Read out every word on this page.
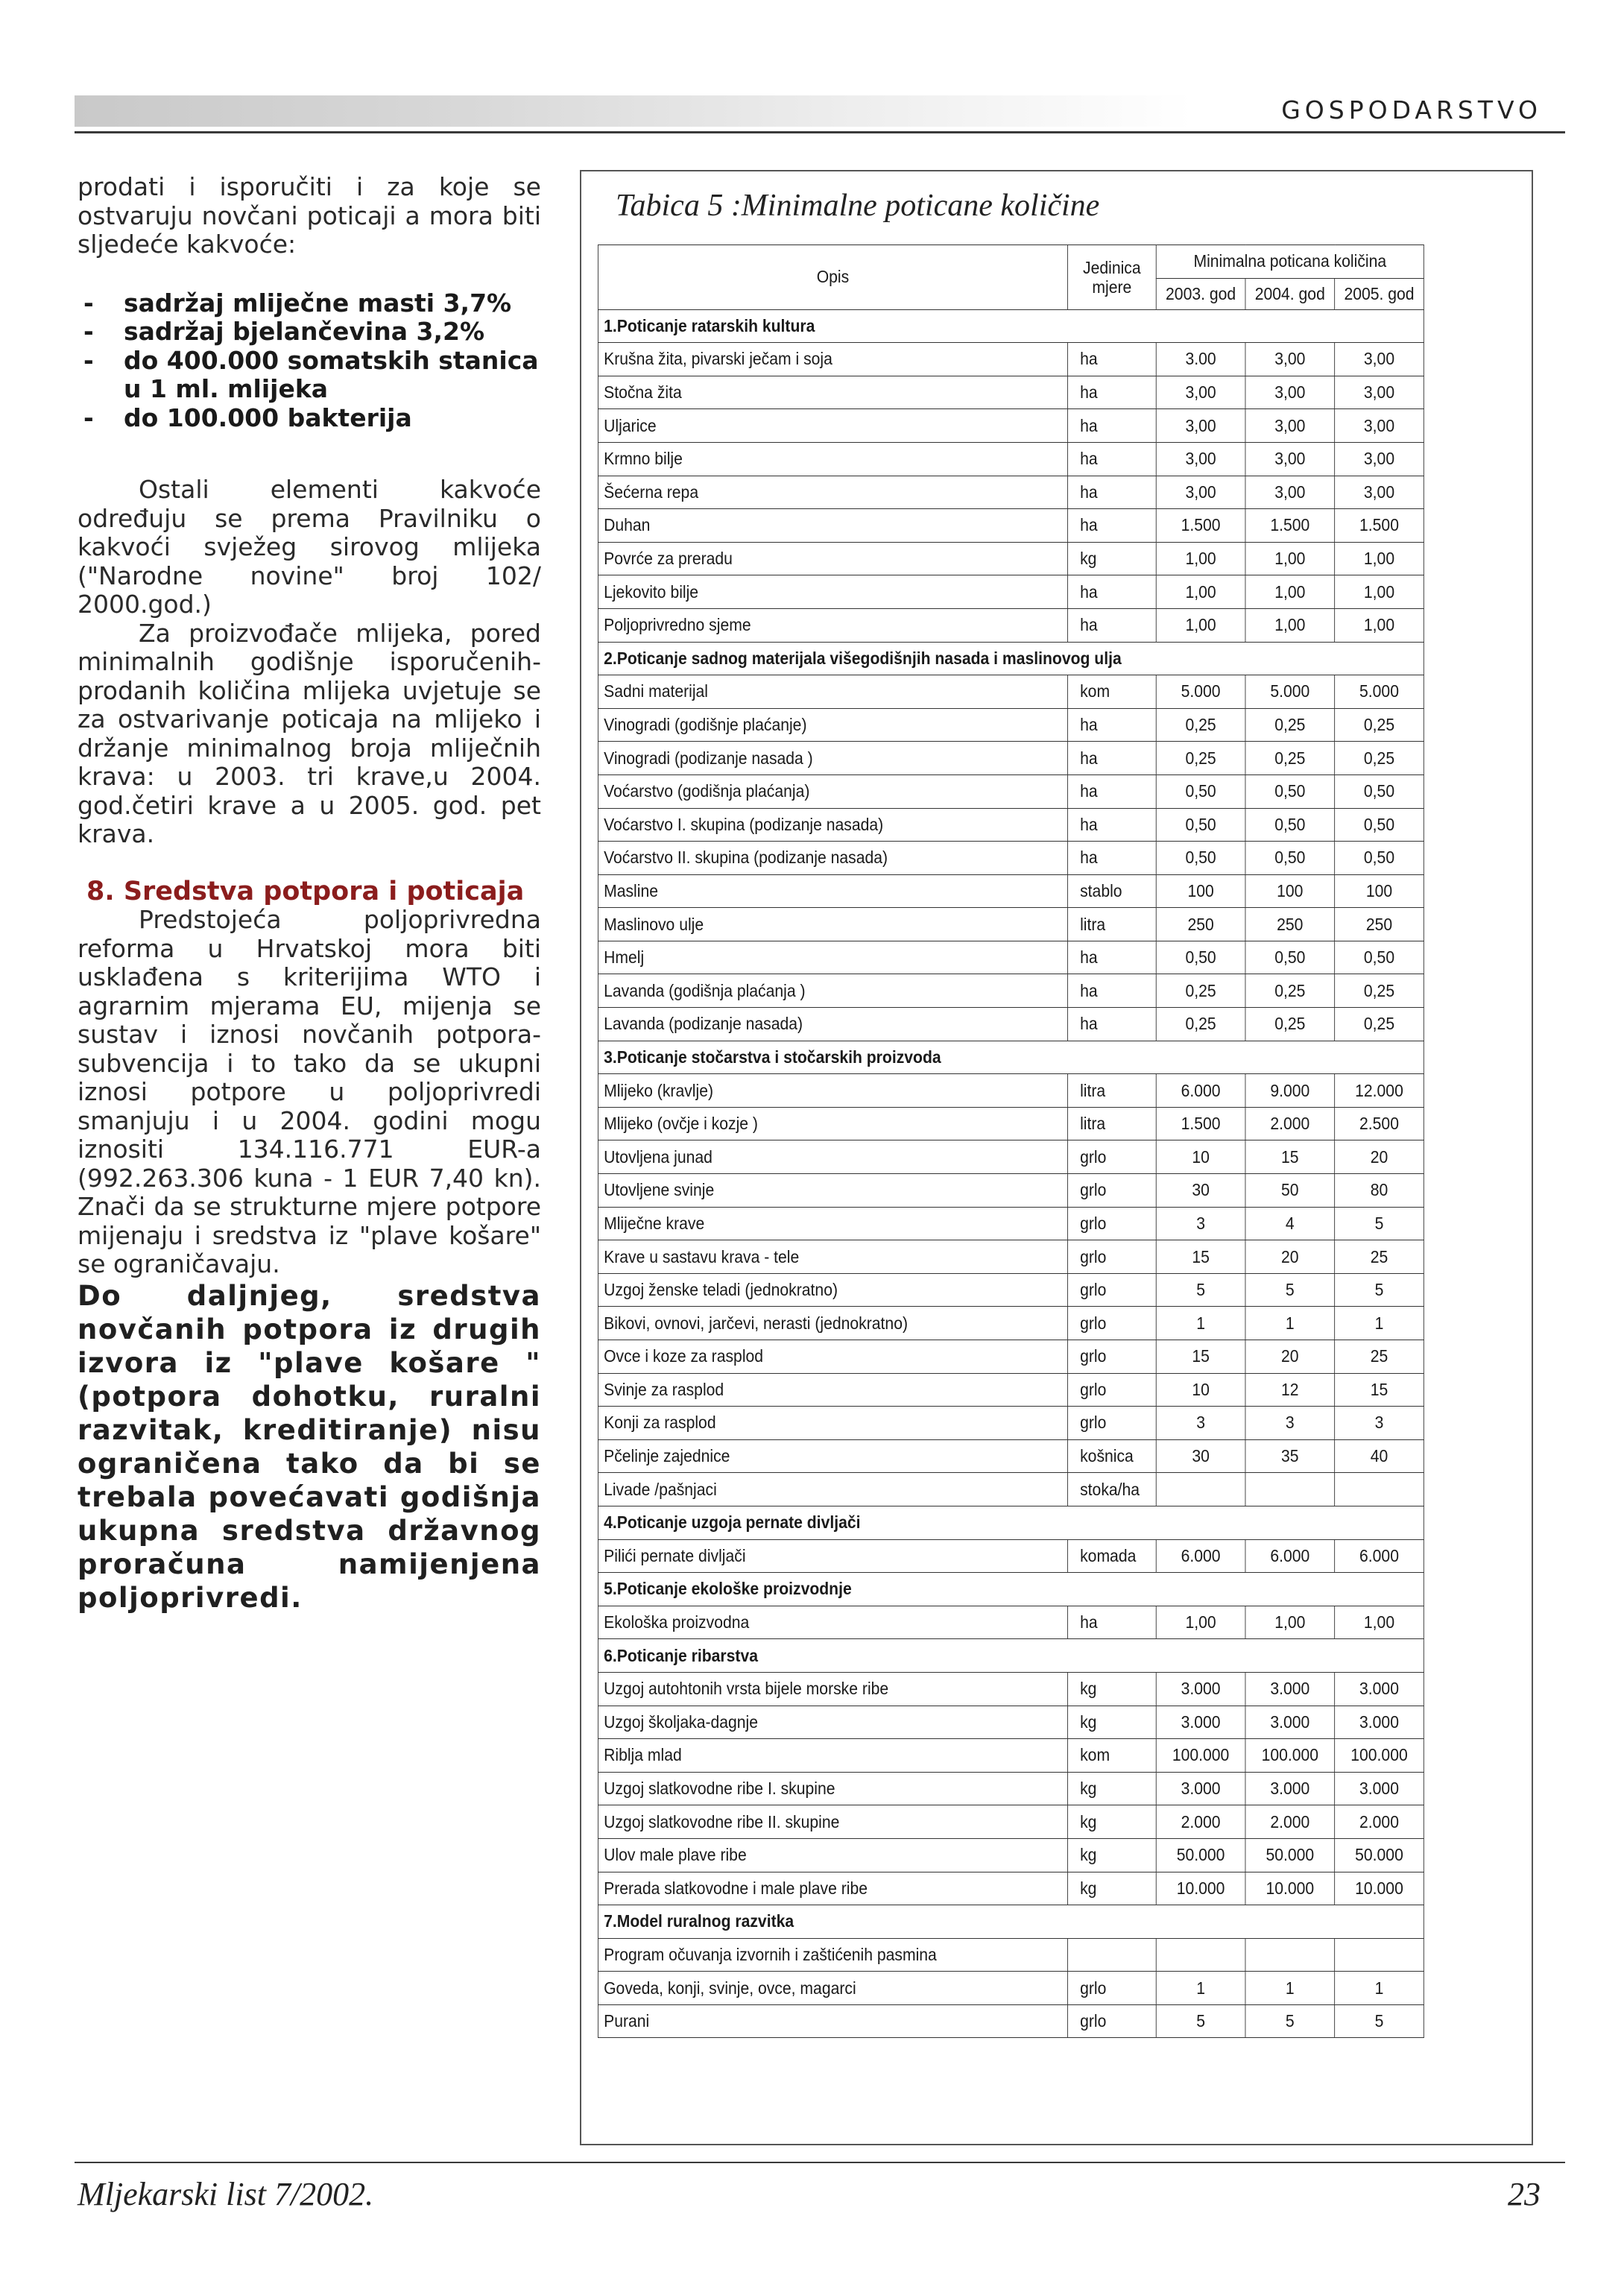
GOSPODARSTVO

prodati i isporučiti i za koje se ostvaruju novčani poticaji a mora biti sljedeće kakvoće:

- sadržaj mliječne masti 3,7%
- sadržaj bjelančevina 3,2%
- do 400.000 somatskih stanica u 1 ml. mlijeka
- do 100.000 bakterija

Ostali elementi kakvoće određuju se prema Pravilniku o kakvoći svježeg sirovog mlijeka ("Narodne novine" broj 102/ 2000.god.)

Za proizvođače mlijeka, pored minimalnih godišnje isporučenih-prodanih količina mlijeka uvjetuje se za ostvarivanje poticaja na mlijeko i držanje minimalnog broja mliječnih krava: u 2003. tri krave,u 2004. god.četiri krave a u 2005. god. pet krava.

8. Sredstva potpora i poticaja

Predstojeća poljoprivredna reforma u Hrvatskoj mora biti usklađena s kriterijima WTO i agrarnim mjerama EU, mijenja se sustav i iznosi novčanih potpora-subvencija i to tako da se ukupni iznosi potpore u poljoprivredi smanjuju i u 2004. godini mogu iznositi 134.116.771 EUR-a (992.263.306 kuna - 1 EUR 7,40 kn). Znači da se strukturne mjere potpore mijenaju i sredstva iz "plave košare" se ograničavaju.

Do daljnjeg, sredstva novčanih potpora iz drugih izvora iz "plave košare " (potpora dohotku, ruralni razvitak, kreditiranje) nisu ograničena tako da bi se trebala povećavati godišnja ukupna sredstva državnog proračuna namijenjena poljoprivredi.

Tabica 5 :Minimalne poticane količine
Opis	Jedinica mjere	Minimalna poticana količina		
		2003. god	2004. god	2005. god
1.Poticanje ratarskih kultura				
Krušna žita, pivarski ječam i soja	ha	3.00	3,00	3,00
Stočna žita	ha	3,00	3,00	3,00
Uljarice	ha	3,00	3,00	3,00
Krmno bilje	ha	3,00	3,00	3,00
Šećerna repa	ha	3,00	3,00	3,00
Duhan	ha	1.500	1.500	1.500
Povrće za preradu	kg	1,00	1,00	1,00
Ljekovito bilje	ha	1,00	1,00	1,00
Poljoprivredno sjeme	ha	1,00	1,00	1,00
2.Poticanje sadnog materijala višegodišnjih nasada i maslinovog ulja				
Sadni materijal	kom	5.000	5.000	5.000
Vinogradi (godišnje plaćanje)	ha	0,25	0,25	0,25
Vinogradi (podizanje nasada )	ha	0,25	0,25	0,25
Voćarstvo (godišnja plaćanja)	ha	0,50	0,50	0,50
Voćarstvo I. skupina (podizanje nasada)	ha	0,50	0,50	0,50
Voćarstvo II. skupina (podizanje nasada)	ha	0,50	0,50	0,50
Masline	stablo	100	100	100
Maslinovo ulje	litra	250	250	250
Hmelj	ha	0,50	0,50	0,50
Lavanda (godišnja plaćanja )	ha	0,25	0,25	0,25
Lavanda (podizanje nasada)	ha	0,25	0,25	0,25
3.Poticanje stočarstva i stočarskih proizvoda				
Mlijeko (kravlje)	litra	6.000	9.000	12.000
Mlijeko (ovčje i kozje )	litra	1.500	2.000	2.500
Utovljena junad	grlo	10	15	20
Utovljene svinje	grlo	30	50	80
Mliječne krave	grlo	3	4	5
Krave u sastavu krava - tele	grlo	15	20	25
Uzgoj ženske teladi (jednokratno)	grlo	5	5	5
Bikovi, ovnovi, jarčevi, nerasti (jednokratno)	grlo	1	1	1
Ovce i koze za rasplod	grlo	15	20	25
Svinje za rasplod	grlo	10	12	15
Konji za rasplod	grlo	3	3	3
Pčelinje zajednice	košnica	30	35	40
Livade /pašnjaci	stoka/ha			
4.Poticanje uzgoja pernate divljači				
Pilići pernate divljači	komada	6.000	6.000	6.000
5.Poticanje ekološke proizvodnje				
Ekološka proizvodna	ha	1,00	1,00	1,00
6.Poticanje ribarstva				
Uzgoj autohtonih vrsta bijele morske ribe	kg	3.000	3.000	3.000
Uzgoj školjaka-dagnje	kg	3.000	3.000	3.000
Riblja mlad	kom	100.000	100.000	100.000
Uzgoj slatkovodne ribe I. skupine	kg	3.000	3.000	3.000
Uzgoj slatkovodne ribe II. skupine	kg	2.000	2.000	2.000
Ulov male plave ribe	kg	50.000	50.000	50.000
Prerada slatkovodne i male plave ribe	kg	10.000	10.000	10.000
7.Model ruralnog razvitka				
Program očuvanja izvornih i zaštićenih pasmina				
Goveda, konji, svinje, ovce, magarci	grlo	1	1	1
Purani	grlo	5	5	5
Mljekarski list 7/2002.	23
